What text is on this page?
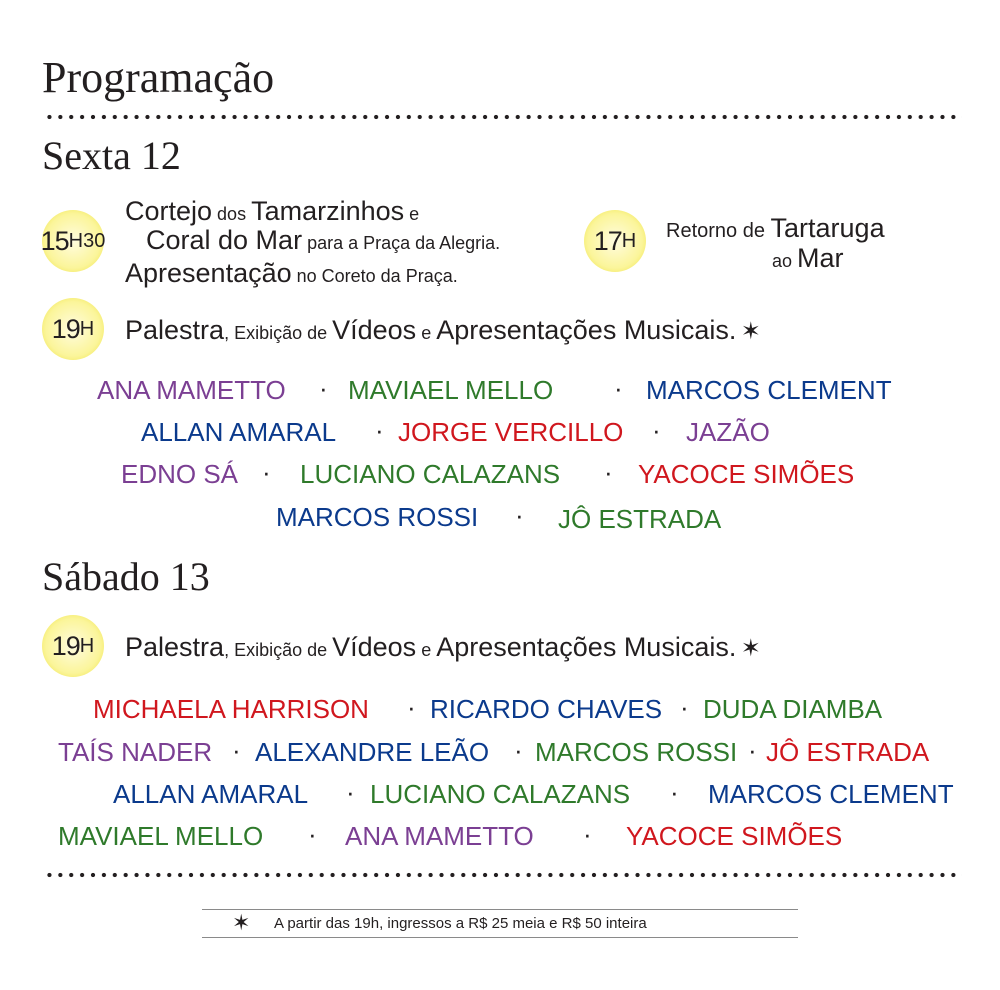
Programação
Sexta 12
15 H30
Cortejo dos Tamarzinhos e
Coral do Mar para a Praça da Alegria.
Apresentação no Coreto da Praça.
17 H Retorno de Tartaruga
ao Mar
19 H Palestra, Exibição de Vídeos e Apresentações Musicais. ✶
ANA MAMETTO · MAVIAEL MELLO · MARCOS CLEMENT
ALLAN AMARAL · JORGE VERCILLO · JAZÃO
EDNO SÁ · LUCIANO CALAZANS · YACOCE SIMÕES
MARCOS ROSSI · JÔ ESTRADA
Sábado 13
19 H Palestra, Exibição de Vídeos e Apresentações Musicais. ✶
MICHAELA HARRISON · RICARDO CHAVES · DUDA DIAMBA
TAÍS NADER · ALEXANDRE LEÃO · MARCOS ROSSI · JÔ ESTRADA
ALLAN AMARAL · LUCIANO CALAZANS · MARCOS CLEMENT
MAVIAEL MELLO · ANA MAMETTO · YACOCE SIMÕES
✶ A partir das 19h, ingressos a R$ 25 meia e R$ 50 inteira
